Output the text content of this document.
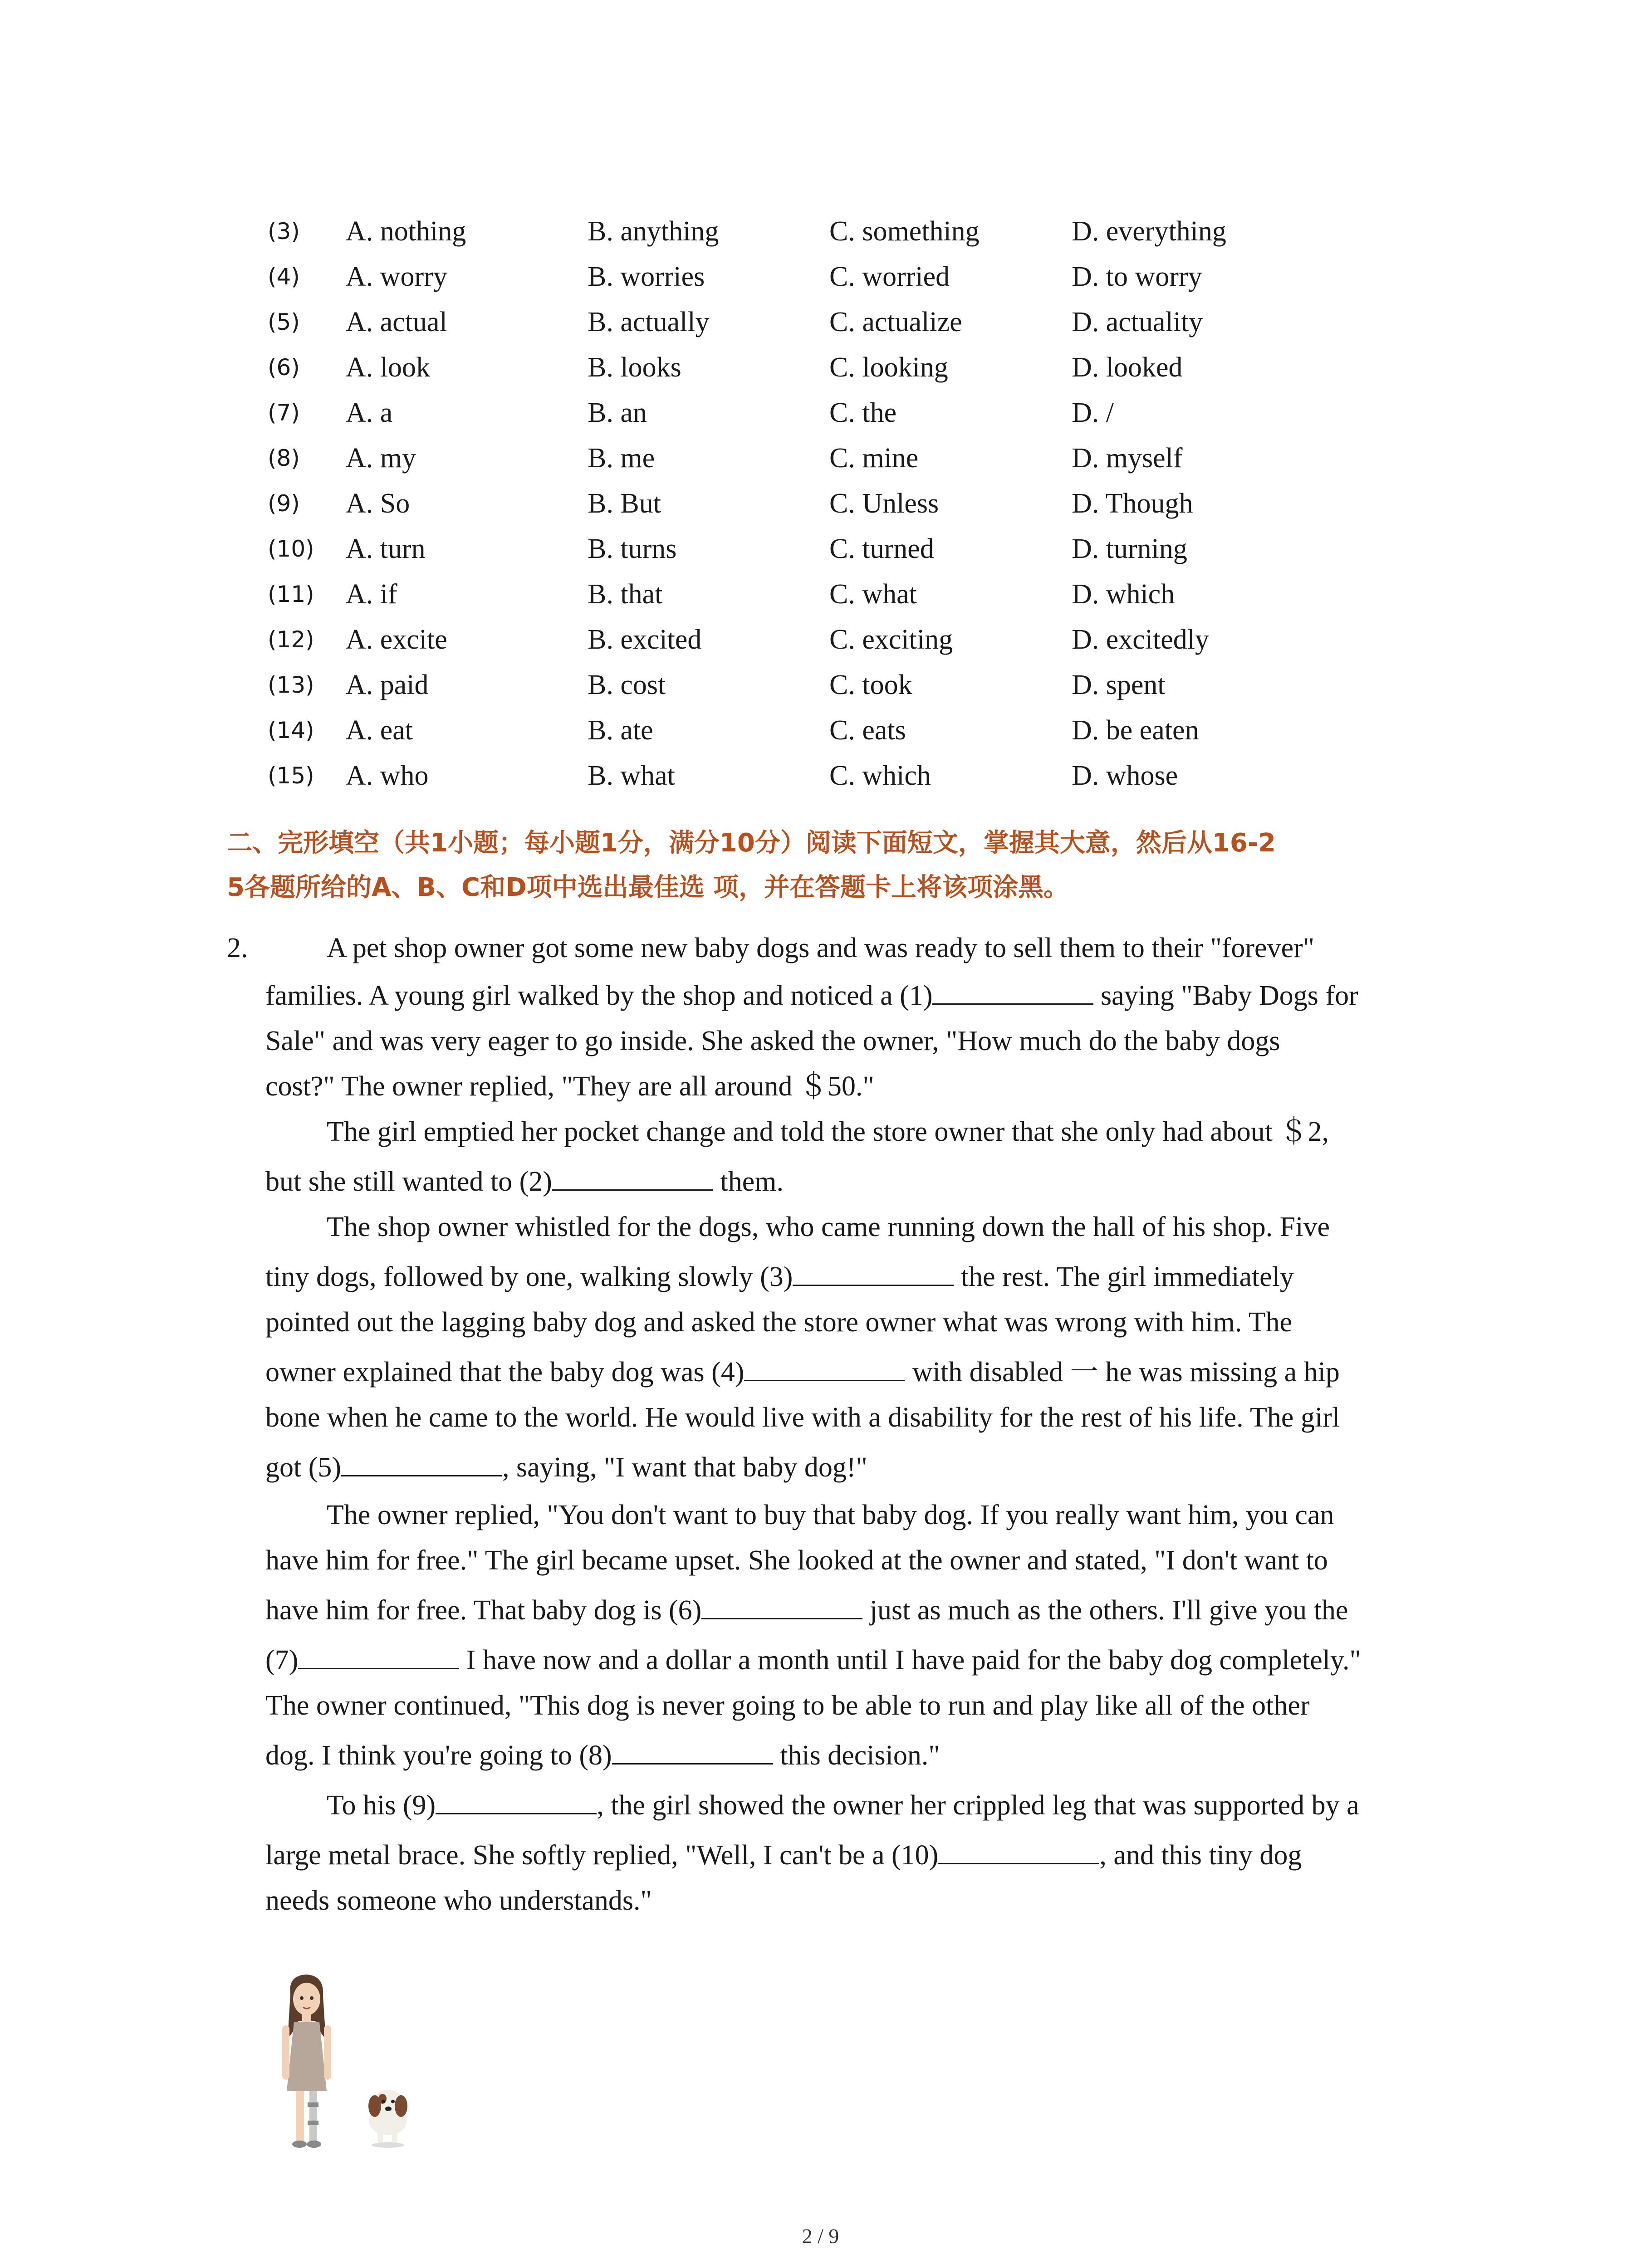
(3) A. nothing	B. anything	C. something	D. everything
(4) A. worry	B. worries	C. worried	D. to worry
(5) A. actual	B. actually	C. actualize	D. actuality
(6) A. look	B. looks	C. looking	D. looked
(7) A. a	B. an	C. the	D. /
(8) A. my	B. me	C. mine	D. myself
(9) A. So	B. But	C. Unless	D. Though
(10) A. turn	B. turns	C. turned	D. turning
(11) A. if	B. that	C. what	D. which
(12) A. excite	B. excited	C. exciting	D. excitedly
(13) A. paid	B. cost	C. took	D. spent
(14) A. eat	B. ate	C. eats	D. be eaten
(15) A. who	B. what	C. which	D. whose
二、完形填空（共1小题；每小题1分，满分10分）阅读下面短文，掌握其大意，然后从16-2
5各题所给的A、B、C和D项中选出最佳选 项，并在答题卡上将该项涂黑。
2.	A pet shop owner got some new baby dogs and was ready to sell them to their "forever"
families. A young girl walked by the shop and noticed a (1)	saying "Baby Dogs for
Sale" and was very eager to go inside. She asked the owner, "How much do the baby dogs
cost?" The owner replied, "They are all around ＄50."
The girl emptied her pocket change and told the store owner that she only had about ＄2,
but she still wanted to (2)	them.
The shop owner whistled for the dogs, who came running down the hall of his shop. Five
tiny dogs, followed by one, walking slowly (3)	the rest. The girl immediately
pointed out the lagging baby dog and asked the store owner what was wrong with him. The
owner explained that the baby dog was (4)	with disabled 一 he was missing a hip
bone when he came to the world. He would live with a disability for the rest of his life. The girl
got (5)	, saying, "I want that baby dog!"
The owner replied, "You don't want to buy that baby dog. If you really want him, you can
have him for free." The girl became upset. She looked at the owner and stated, "I don't want to
have him for free. That baby dog is (6)	just as much as the others. I'll give you the
(7)	I have now and a dollar a month until I have paid for the baby dog completely."
The owner continued, "This dog is never going to be able to run and play like all of the other
dog. I think you're going to (8)	this decision."
To his (9)	, the girl showed the owner her crippled leg that was supported by a
large metal brace. She softly replied, "Well, I can't be a (10)	, and this tiny dog
needs someone who understands."
2 / 9
